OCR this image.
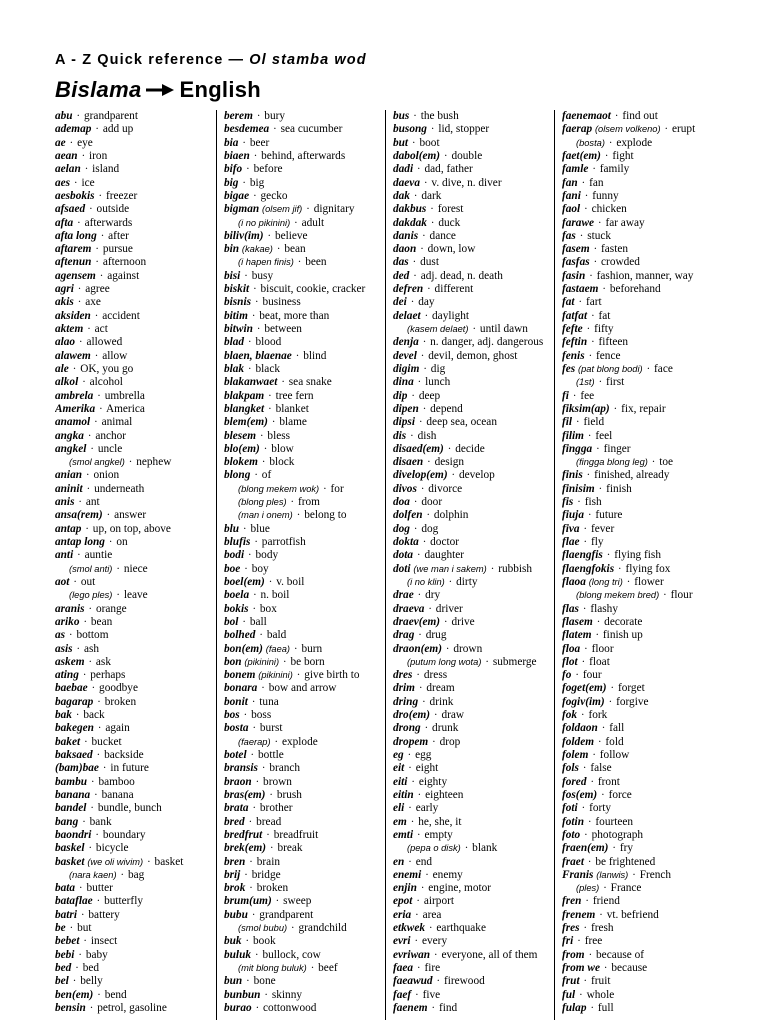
A - Z Quick reference — Ol stamba wod
Bislama English
abu · grandparent
ademap · add up
ae · eye
aean · iron
aelan · island
aes · ice
aesbokis · freezer
afsaed · outside
afta · afterwards
afta long · after
aftarem · pursue
aftenun · afternoon
agensem · against
agri · agree
akis · axe
aksiden · accident
aktem · act
alao · allowed
alawem · allow
ale · OK, you go
alkol · alcohol
ambrela · umbrella
Amerika · America
anamol · animal
angka · anchor
angkel · uncle
(smol angkel) · nephew
anian · onion
aninit · underneath
anis · ant
ansa(rem) · answer
antap · up, on top, above
antap long · on
anti · auntie
(smol anti) · niece
aot · out
(lego ples) · leave
aranis · orange
ariko · bean
as · bottom
asis · ash
askem · ask
ating · perhaps
baebae · goodbye
bagarap · broken
bak · back
bakegen · again
baket · bucket
baksaed · backside
(bam)bae · in future
bambu · bamboo
banana · banana
bandel · bundle, bunch
bang · bank
baondri · boundary
baskel · bicycle
basket (we oli wivim) · basket
(nara kaen) · bag
bata · butter
bataflae · butterfly
batri · battery
be · but
bebet · insect
bebi · baby
bed · bed
bel · belly
ben(em) · bend
bensin · petrol, gasoline
berem · bury
besdemea · sea cucumber
bia · beer
biaen · behind, afterwards
bifo · before
big · big
bigae · gecko
bigman (olsem jif) · dignitary
(i no pikinini) · adult
biliv(im) · believe
bin (kakae) · bean
(i hapen finis) · been
bisi · busy
biskit · biscuit, cookie, cracker
bisnis · business
bitim · beat, more than
bitwin · between
blad · blood
blaen, blaenae · blind
blak · black
blakanwaet · sea snake
blakpam · tree fern
blangket · blanket
blem(em) · blame
blesem · bless
blo(em) · blow
blokem · block
blong · of
(blong mekem wok) · for
(blong ples) · from
(man i onem) · belong to
blu · blue
blufis · parrotfish
bodi · body
boe · boy
boel(em) · v. boil
boela · n. boil
bokis · box
bol · ball
bolhed · bald
bon(em) (faea) · burn
bon (pikinini) · be born
bonem (pikinini) · give birth to
bonara · bow and arrow
bonit · tuna
bos · boss
bosta · burst
(faerap) · explode
botel · bottle
bransis · branch
braon · brown
bras(em) · brush
brata · brother
bred · bread
bredfrut · breadfruit
brek(em) · break
bren · brain
brij · bridge
brok · broken
brum(um) · sweep
bubu · grandparent
(smol bubu) · grandchild
buk · book
buluk · bullock, cow
(mit blong buluk) · beef
bun · bone
bunbun · skinny
burao · cottonwood
bus · the bush
busong · lid, stopper
but · boot
dabol(em) · double
dadi · dad, father
daeva · v. dive, n. diver
dak · dark
dakbus · forest
dakdak · duck
danis · dance
daon · down, low
das · dust
ded · adj. dead, n. death
defren · different
dei · day
delaet · daylight
(kasem delaet) · until dawn
denja · n. danger, adj. dangerous
devel · devil, demon, ghost
digim · dig
dina · lunch
dip · deep
dipen · depend
dipsi · deep sea, ocean
dis · dish
disaed(em) · decide
disaen · design
divelop(em) · develop
divos · divorce
doa · door
dolfen · dolphin
dog · dog
dokta · doctor
dota · daughter
doti (we man i sakem) · rubbish
(i no klin) · dirty
drae · dry
draeva · driver
draev(em) · drive
drag · drug
draon(em) · drown
(putum long wota) · submerge
dres · dress
drim · dream
dring · drink
dro(em) · draw
drong · drunk
dropem · drop
eg · egg
eit · eight
eiti · eighty
eitin · eighteen
eli · early
em · he, she, it
emti · empty
(pepa o disk) · blank
en · end
enemi · enemy
enjin · engine, motor
epot · airport
eria · area
etkwek · earthquake
evri · every
evriwan · everyone, all of them
faea · fire
faeawud · firewood
faef · five
faenem · find
faenemaot · find out
faerap (olsem volkeno) · erupt
(bosta) · explode
faet(em) · fight
famle · family
fan · fan
fani · funny
faol · chicken
farawe · far away
fas · stuck
fasem · fasten
fasfas · crowded
fasin · fashion, manner, way
fastaem · beforehand
fat · fart
fatfat · fat
fefte · fifty
feftin · fifteen
fenis · fence
fes (pat blong bodi) · face
(1st) · first
fi · fee
fiksim(ap) · fix, repair
fil · field
filim · feel
fingga · finger
(fingga blong leg) · toe
finis · finished, already
finisim · finish
fis · fish
fiuja · future
fiva · fever
flae · fly
flaengfis · flying fish
flaengfokis · flying fox
flaoa (long tri) · flower
(blong mekem bred) · flour
flas · flashy
flasem · decorate
flatem · finish up
floa · floor
flot · float
fo · four
foget(em) · forget
fogiv(im) · forgive
fok · fork
foldaon · fall
foldem · fold
folem · follow
fols · false
fored · front
fos(em) · force
foti · forty
fotin · fourteen
foto · photograph
fraen(em) · fry
fraet · be frightened
Franis (lanwis) · French
(ples) · France
fren · friend
frenem · vt. befriend
fres · fresh
fri · free
from · because of
from we · because
frut · fruit
ful · whole
fulap · full
